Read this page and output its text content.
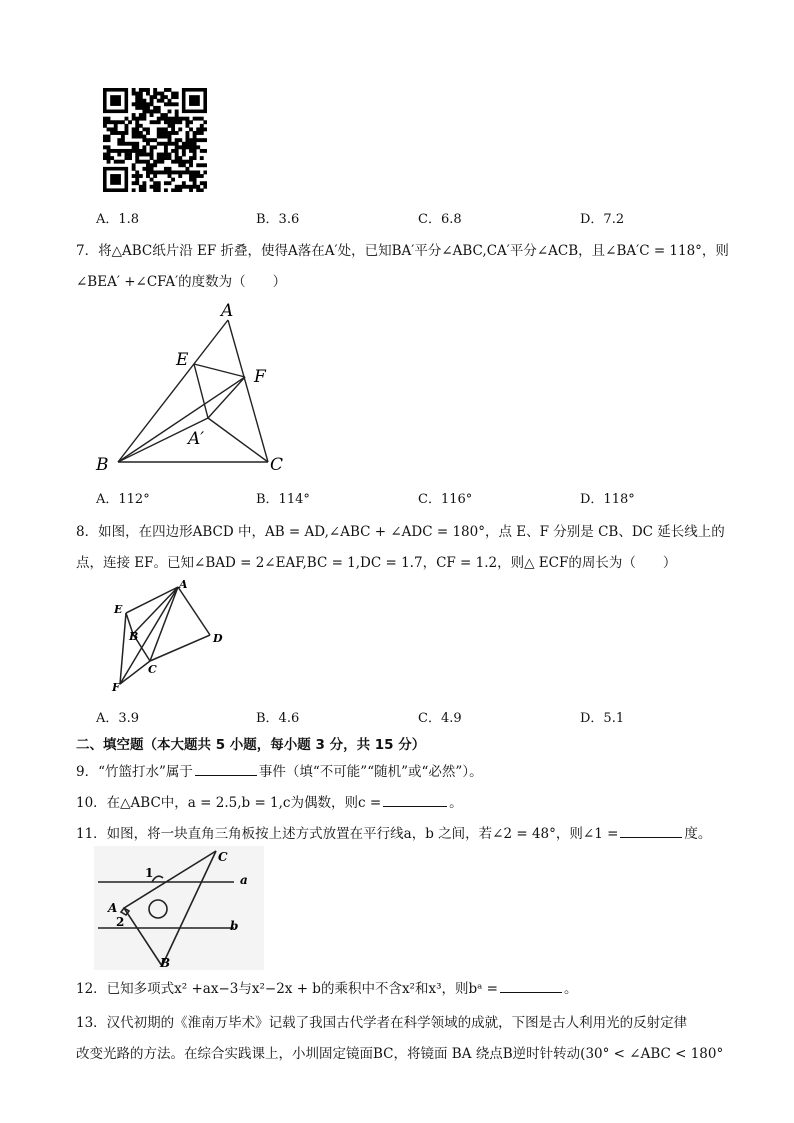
A．1.8	B．3.6	C．6.8	D．7.2
7．将△ABC纸片沿 EF 折叠，使得A落在A′处，已知BA′平分∠ABC,CA′平分∠ACB，且∠BA′C = 118°，则
∠BEA′ +∠CFA′的度数为（　　）
A
E
F
A′
B	C
A．112°	B．114°	C．116°	D．118°
8．如图，在四边形ABCD 中，AB = AD,∠ABC + ∠ADC = 180°，点 E、F 分别是 CB、DC 延长线上的
点，连接 EF。已知∠BAD = 2∠EAF,BC = 1,DC = 1.7，CF = 1.2，则△ ECF的周长为（　　）
A
E
B	D
C
F
A．3.9	B．4.6	C．4.9	D．5.1
二、填空题（本大题共 5 小题，每小题 3 分，共 15 分）
9．“竹篮打水”属于	事件（填“不可能”“随机”或“必然”）。
10．在△ABC中，a = 2.5,b = 1,c为偶数，则c =	。
11．如图，将一块直角三角板按上述方式放置在平行线a，b 之间，若∠2 = 48°，则∠1 =	度。
C
1	a
A
2	b
B
12．已知多项式x² +ax−3与x²−2x + b的乘积中不含x²和x³，则bᵃ =	。
13．汉代初期的《淮南万毕术》记载了我国古代学者在科学领域的成就，下图是古人利用光的反射定律
改变光路的方法。在综合实践课上，小圳固定镜面BC，将镜面 BA 绕点B逆时针转动(30° < ∠ABC < 180°
